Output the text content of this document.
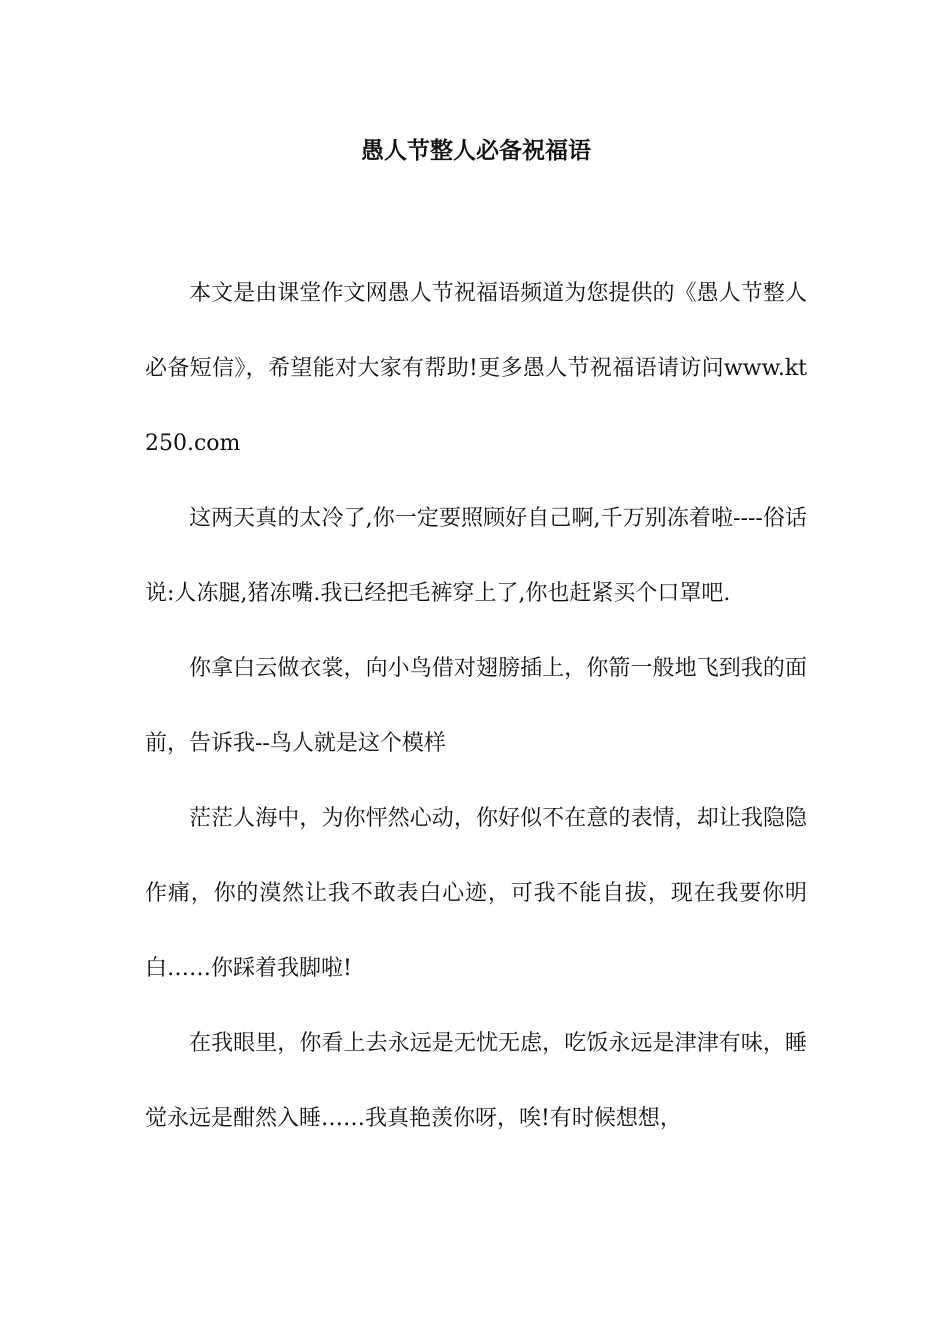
愚人节整人必备祝福语

本文是由课堂作文网愚人节祝福语频道为您提供的《愚人节整人必备短信》，希望能对大家有帮助!更多愚人节祝福语请访问www.kt250.com

这两天真的太冷了,你一定要照顾好自己啊,千万别冻着啦----俗话说:人冻腿,猪冻嘴.我已经把毛裤穿上了,你也赶紧买个口罩吧.

你拿白云做衣裳，向小鸟借对翅膀插上，你箭一般地飞到我的面前，告诉我--鸟人就是这个模样

茫茫人海中，为你怦然心动，你好似不在意的表情，却让我隐隐作痛，你的漠然让我不敢表白心迹，可我不能自拔，现在我要你明白……你踩着我脚啦!

在我眼里，你看上去永远是无忧无虑，吃饭永远是津津有味，睡觉永远是酣然入睡……我真艳羡你呀，唉!有时候想想，
